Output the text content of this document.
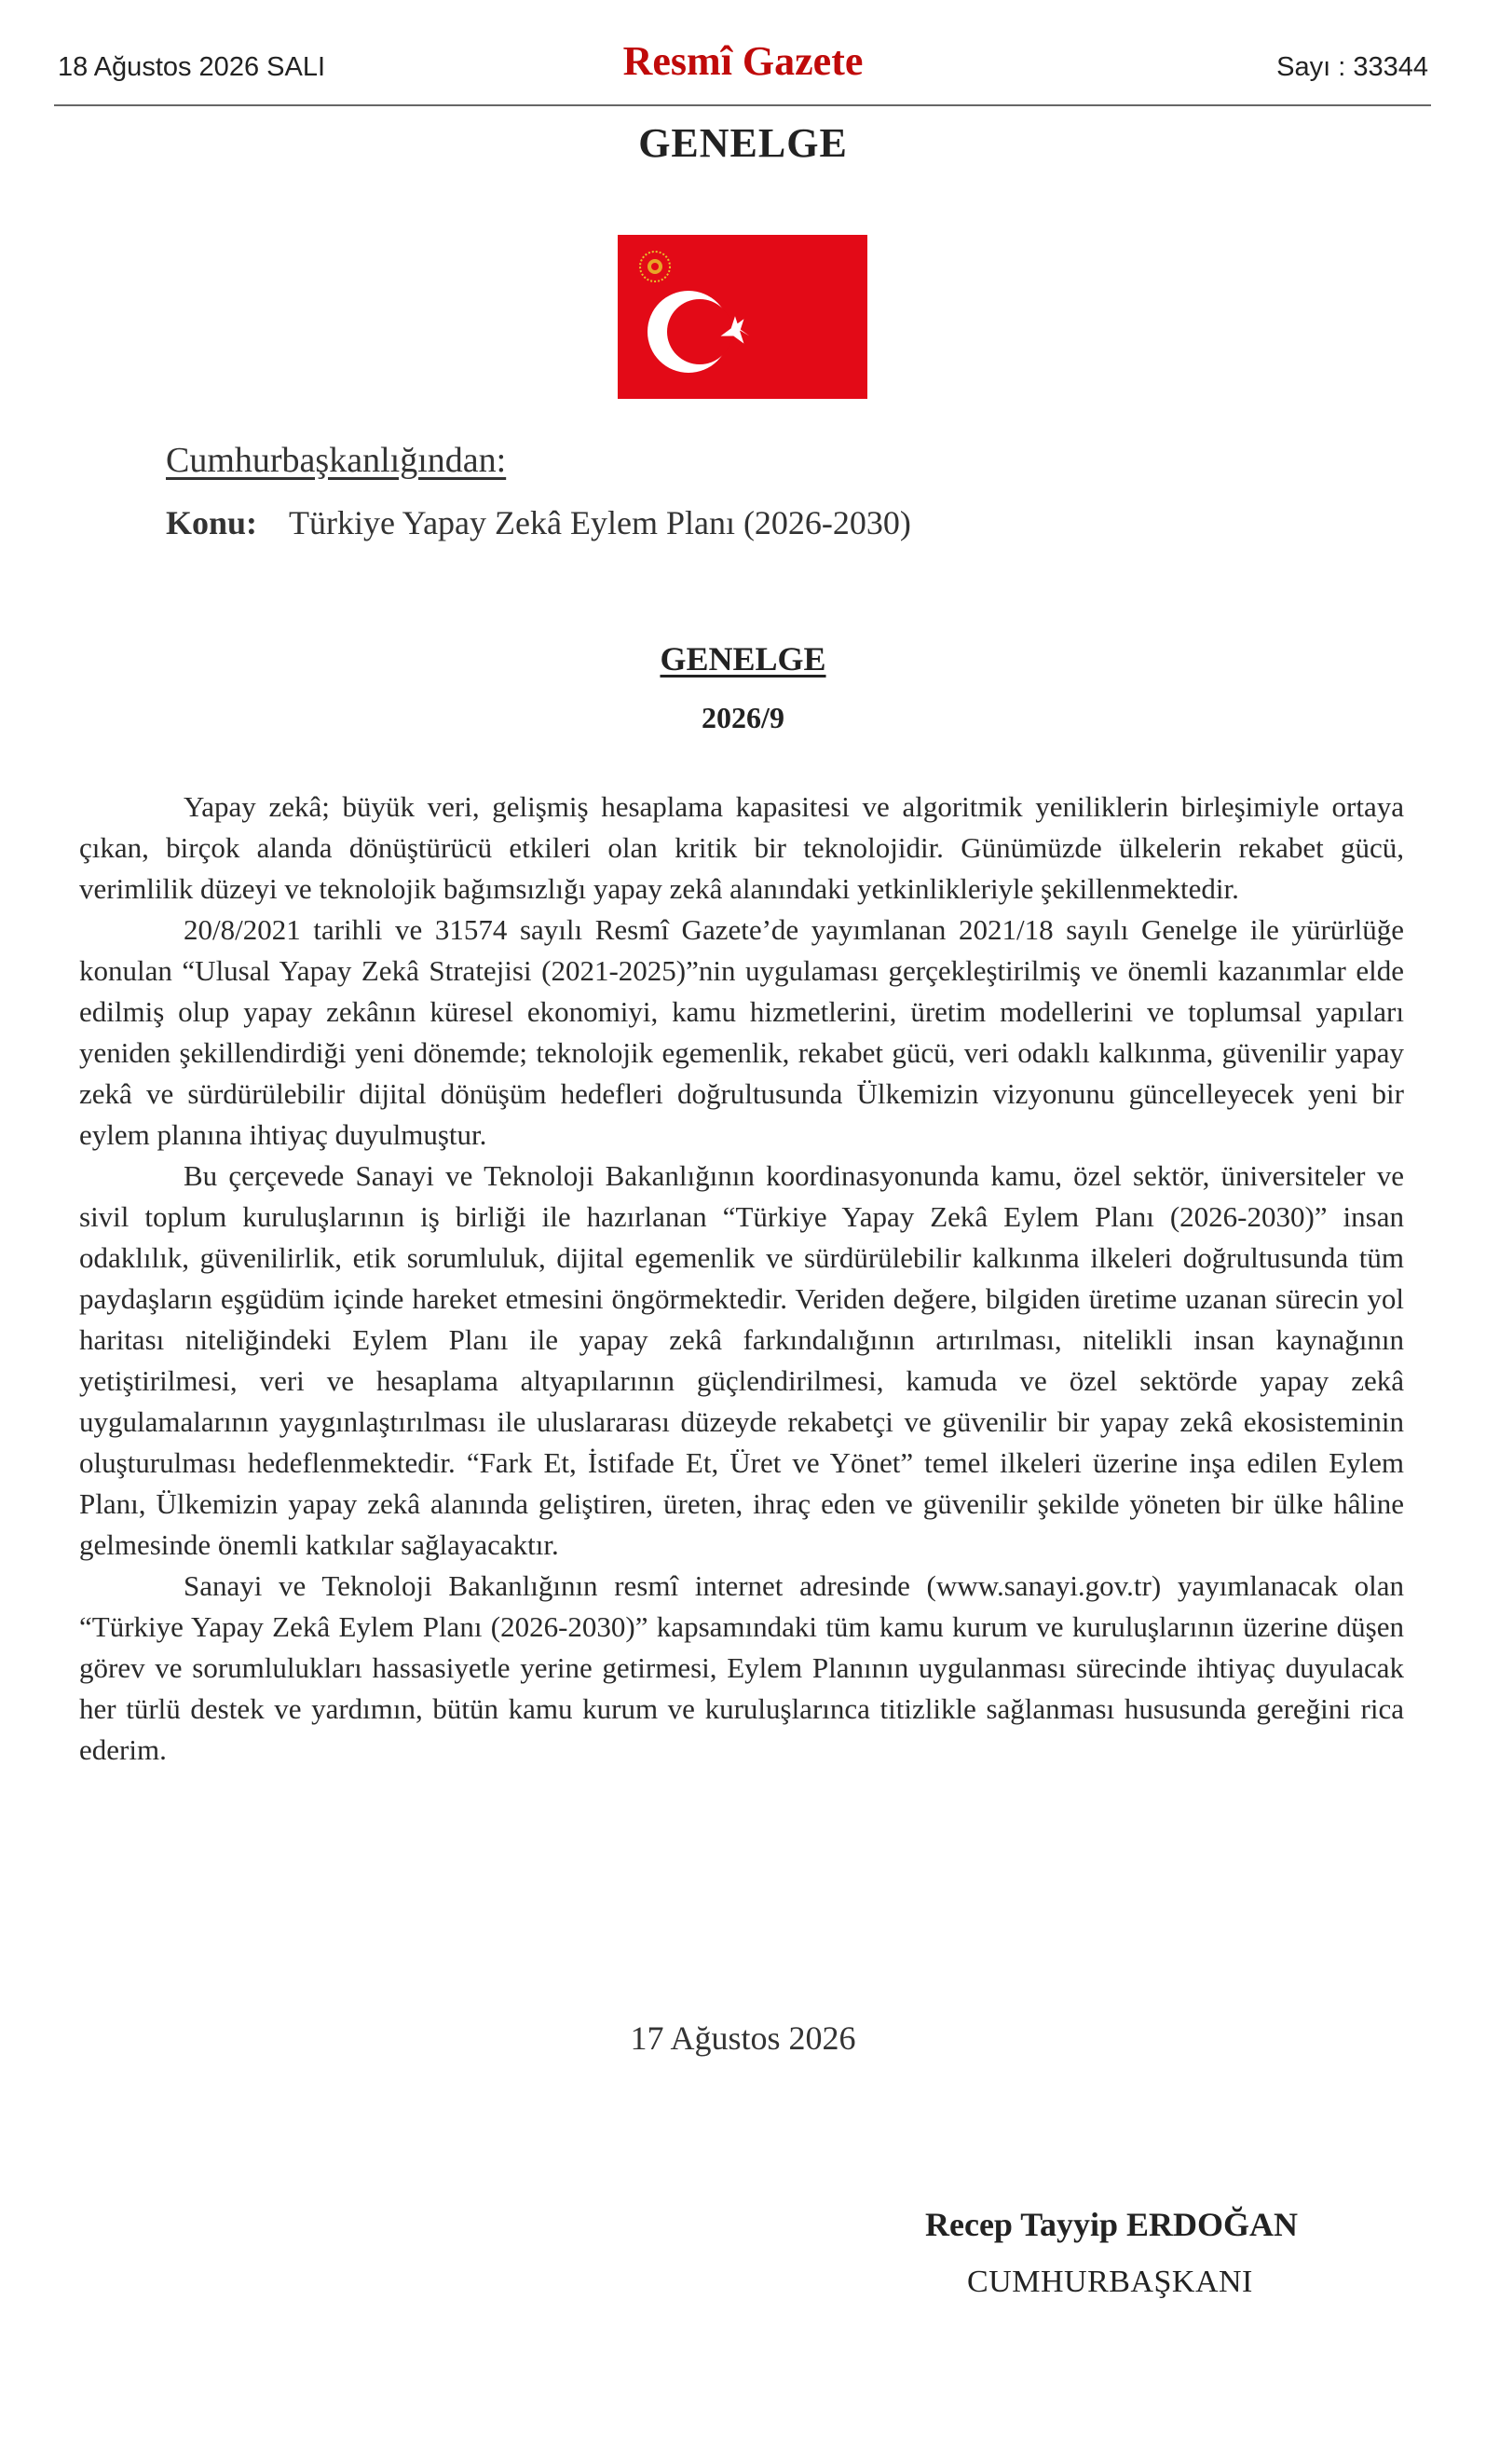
18 Ağustos 2026 SALI	Resmî Gazete	Sayı : 33344
GENELGE
Cumhurbaşkanlığından:
Konu: Türkiye Yapay Zekâ Eylem Planı (2026-2030)
GENELGE
2026/9

Yapay zekâ; büyük veri, gelişmiş hesaplama kapasitesi ve algoritmik yeniliklerin birleşimiyle ortaya çıkan, birçok alanda dönüştürücü etkileri olan kritik bir teknolojidir. Günümüzde ülkelerin rekabet gücü, verimlilik düzeyi ve teknolojik bağımsızlığı yapay zekâ alanındaki yetkinlikleriyle şekillenmektedir.

20/8/2021 tarihli ve 31574 sayılı Resmî Gazete’de yayımlanan 2021/18 sayılı Genelge ile yürürlüğe konulan “Ulusal Yapay Zekâ Stratejisi (2021-2025)”nin uygulaması gerçekleştirilmiş ve önemli kazanımlar elde edilmiş olup yapay zekânın küresel ekonomiyi, kamu hizmetlerini, üretim modellerini ve toplumsal yapıları yeniden şekillendirdiği yeni dönemde; teknolojik egemenlik, rekabet gücü, veri odaklı kalkınma, güvenilir yapay zekâ ve sürdürülebilir dijital dönüşüm hedefleri doğrultusunda Ülkemizin vizyonunu güncelleyecek yeni bir eylem planına ihtiyaç duyulmuştur.

Bu çerçevede Sanayi ve Teknoloji Bakanlığının koordinasyonunda kamu, özel sektör, üniversiteler ve sivil toplum kuruluşlarının iş birliği ile hazırlanan “Türkiye Yapay Zekâ Eylem Planı (2026-2030)” insan odaklılık, güvenilirlik, etik sorumluluk, dijital egemenlik ve sürdürülebilir kalkınma ilkeleri doğrultusunda tüm paydaşların eşgüdüm içinde hareket etmesini öngörmektedir. Veriden değere, bilgiden üretime uzanan sürecin yol haritası niteliğindeki Eylem Planı ile yapay zekâ farkındalığının artırılması, nitelikli insan kaynağının yetiştirilmesi, veri ve hesaplama altyapılarının güçlendirilmesi, kamuda ve özel sektörde yapay zekâ uygulamalarının yaygınlaştırılması ile uluslararası düzeyde rekabetçi ve güvenilir bir yapay zekâ ekosisteminin oluşturulması hedeflenmektedir. “Fark Et, İstifade Et, Üret ve Yönet” temel ilkeleri üzerine inşa edilen Eylem Planı, Ülkemizin yapay zekâ alanında geliştiren, üreten, ihraç eden ve güvenilir şekilde yöneten bir ülke hâline gelmesinde önemli katkılar sağlayacaktır.

Sanayi ve Teknoloji Bakanlığının resmî internet adresinde (www.sanayi.gov.tr) yayımlanacak olan “Türkiye Yapay Zekâ Eylem Planı (2026-2030)” kapsamındaki tüm kamu kurum ve kuruluşlarının üzerine düşen görev ve sorumlulukları hassasiyetle yerine getirmesi, Eylem Planının uygulanması sürecinde ihtiyaç duyulacak her türlü destek ve yardımın, bütün kamu kurum ve kuruluşlarınca titizlikle sağlanması hususunda gereğini rica ederim.

17 Ağustos 2026
Recep Tayyip ERDOĞAN
CUMHURBAŞKANI
